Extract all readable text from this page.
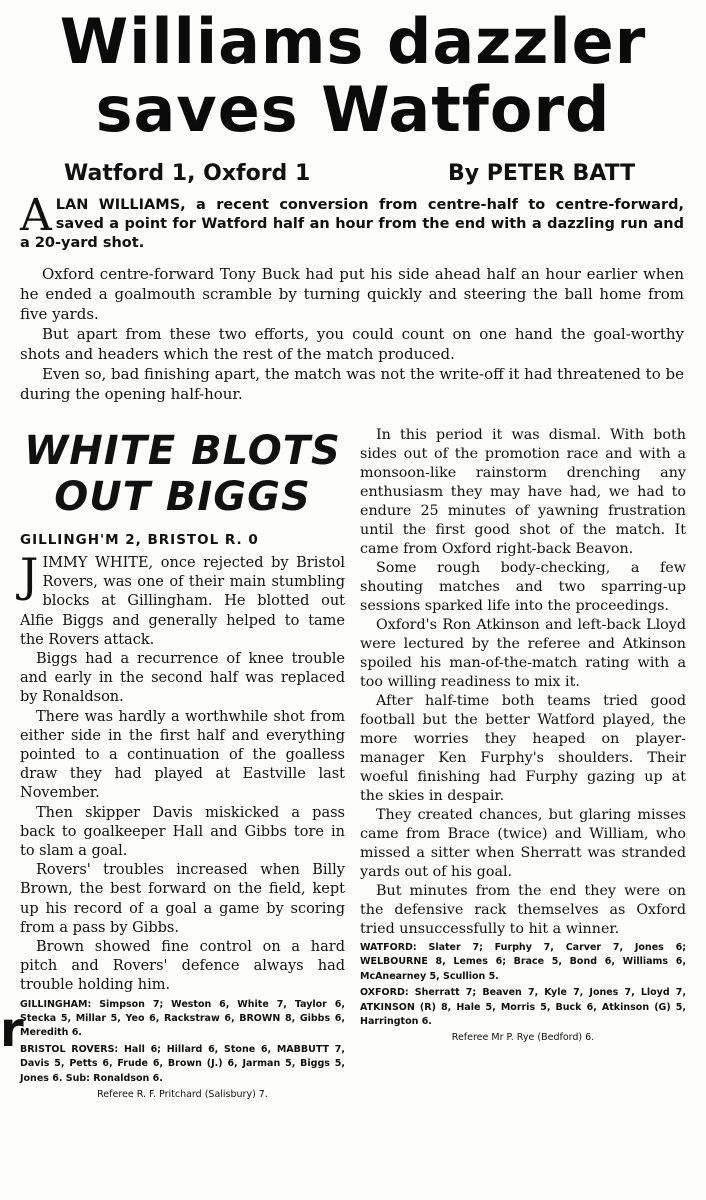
Williams dazzler
saves Watford
Watford 1, Oxford 1	By PETER BATT
ALAN WILLIAMS, a recent conversion from centre-half to centre-forward, saved a point for Watford half an hour from the end with a dazzling run and a 20-yard shot.

Oxford centre-forward Tony Buck had put his side ahead half an hour earlier when he ended a goalmouth scramble by turning quickly and steering the ball home from five yards.

But apart from these two efforts, you could count on one hand the goal-worthy shots and headers which the rest of the match produced.

Even so, bad finishing apart, the match was not the write-off it had threatened to be during the opening half-hour.

WHITE BLOTS
OUT BIGGS
GILLINGH'M 2, BRISTOL R. 0

JIMMY WHITE, once rejected by Bristol Rovers, was one of their main stumbling blocks at Gillingham. He blotted out Alfie Biggs and generally helped to tame the Rovers attack.

Biggs had a recurrence of knee trouble and early in the second half was replaced by Ronaldson.

There was hardly a worthwhile shot from either side in the first half and everything pointed to a continuation of the goalless draw they had played at Eastville last November.

Then skipper Davis miskicked a pass back to goalkeeper Hall and Gibbs tore in to slam a goal.

Rovers' troubles increased when Billy Brown, the best forward on the field, kept up his record of a goal a game by scoring from a pass by Gibbs.

Brown showed fine control on a hard pitch and Rovers' defence always had trouble holding him.

GILLINGHAM: Simpson 7; Weston 6, White 7, Taylor 6, Stecka 5, Millar 5, Yeo 6, Rackstraw 6, BROWN 8, Gibbs 6, Meredith 6.

BRISTOL ROVERS: Hall 6; Hillard 6, Stone 6, MABBUTT 7, Davis 5, Petts 6, Frude 6, Brown (J.) 6, Jarman 5, Biggs 5, Jones 6. Sub: Ronaldson 6.

Referee R. F. Pritchard (Salisbury) 7.

In this period it was dismal. With both sides out of the promotion race and with a monsoon-like rainstorm drenching any enthusiasm they may have had, we had to endure 25 minutes of yawning frustration until the first good shot of the match. It came from Oxford right-back Beavon.

Some rough body-checking, a few shouting matches and two sparring-up sessions sparked life into the proceedings.

Oxford's Ron Atkinson and left-back Lloyd were lectured by the referee and Atkinson spoiled his man-of-the-match rating with a too willing readiness to mix it.

After half-time both teams tried good football but the better Watford played, the more worries they heaped on player-manager Ken Furphy's shoulders. Their woeful finishing had Furphy gazing up at the skies in despair.

They created chances, but glaring misses came from Brace (twice) and William, who missed a sitter when Sherratt was stranded yards out of his goal.

But minutes from the end they were on the defensive rack themselves as Oxford tried unsuccessfully to hit a winner.

WATFORD: Slater 7; Furphy 7, Carver 7, Jones 6; WELBOURNE 8, Lemes 6; Brace 5, Bond 6, Williams 6, McAnearney 5, Scullion 5.

OXFORD: Sherratt 7; Beaven 7, Kyle 7, Jones 7, Lloyd 7, ATKINSON (R) 8, Hale 5, Morris 5, Buck 6, Atkinson (G) 5, Harrington 6.

Referee Mr P. Rye (Bedford) 6.

r
